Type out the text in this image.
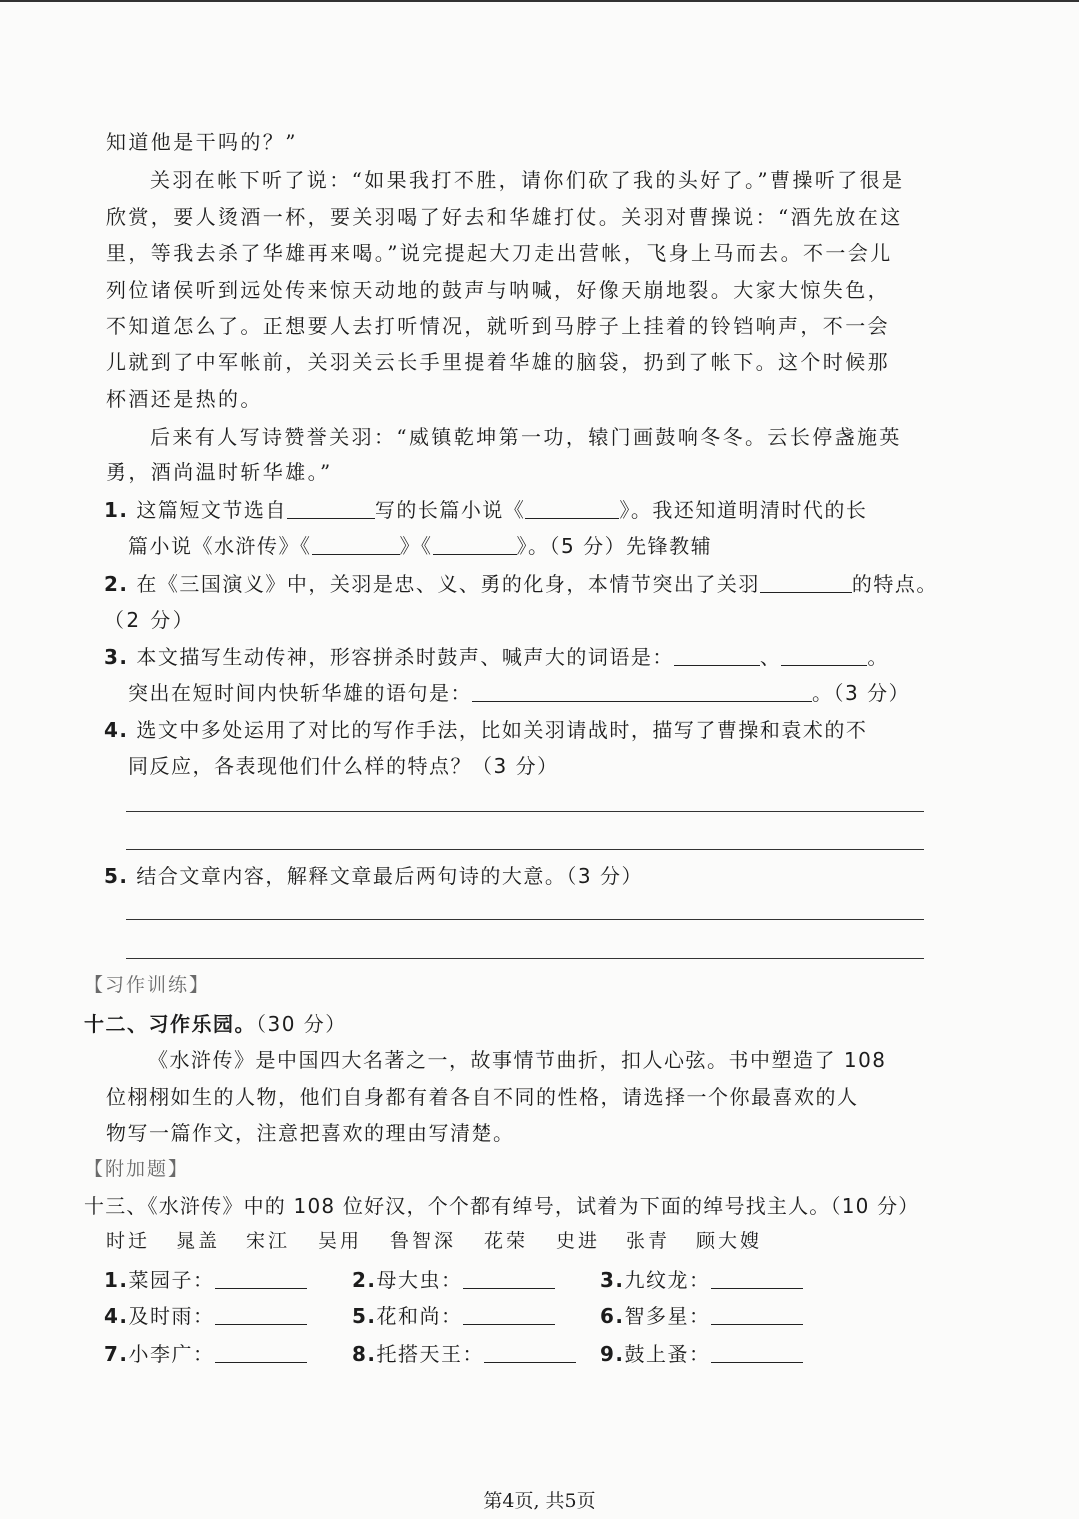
知道他是干吗的？”
关羽在帐下听了说：“如果我打不胜，请你们砍了我的头好了。”曹操听了很是
欣赏，要人烫酒一杯，要关羽喝了好去和华雄打仗。关羽对曹操说：“酒先放在这
里，等我去杀了华雄再来喝。”说完提起大刀走出营帐，飞身上马而去。不一会儿
列位诸侯听到远处传来惊天动地的鼓声与呐喊，好像天崩地裂。大家大惊失色，
不知道怎么了。正想要人去打听情况，就听到马脖子上挂着的铃铛响声，不一会
儿就到了中军帐前，关羽关云长手里提着华雄的脑袋，扔到了帐下。这个时候那
杯酒还是热的。
后来有人写诗赞誉关羽：“威镇乾坤第一功，辕门画鼓响冬冬。云长停盏施英
勇，酒尚温时斩华雄。”
1. 这篇短文节选自	写的长篇小说《	》。我还知道明清时代的长
篇小说《水浒传》《	》《	》。（5 分）先锋教辅
2. 在《三国演义》中，关羽是忠、义、勇的化身，本情节突出了关羽	的特点。
（2 分）
3. 本文描写生动传神，形容拼杀时鼓声、喊声大的词语是：	、	。
突出在短时间内快斩华雄的语句是：	。（3 分）
4. 选文中多处运用了对比的写作手法，比如关羽请战时，描写了曹操和袁术的不
同反应，各表现他们什么样的特点？（3 分）
5. 结合文章内容，解释文章最后两句诗的大意。（3 分）
【习作训练】
十二、习作乐园。（30 分）
《水浒传》是中国四大名著之一，故事情节曲折，扣人心弦。书中塑造了 108
位栩栩如生的人物，他们自身都有着各自不同的性格，请选择一个你最喜欢的人
物写一篇作文，注意把喜欢的理由写清楚。
【附加题】
十三、《水浒传》中的 108 位好汉，个个都有绰号，试着为下面的绰号找主人。（10 分）
时迁 晁盖 宋江 吴用 鲁智深 花荣 史进 张青 顾大嫂
1.菜园子：	2.母大虫：	3.九纹龙：
4.及时雨：	5.花和尚：	6.智多星：
7.小李广：	8.托搭天王：	9.鼓上蚤：
第4页, 共5页
